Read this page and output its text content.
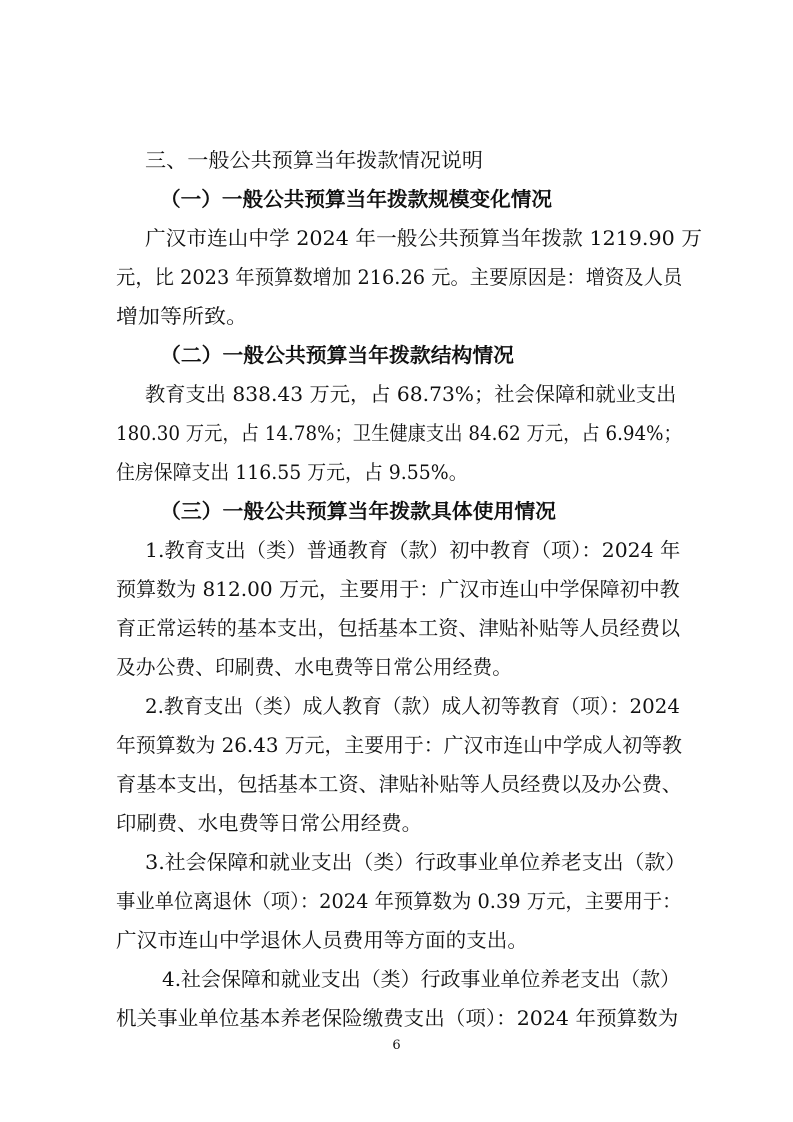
三、一般公共预算当年拨款情况说明
（一）一般公共预算当年拨款规模变化情况
广汉市连山中学 2024 年一般公共预算当年拨款 1219.90 万
元，比 2023 年预算数增加 216.26 元。主要原因是：增资及人员
增加等所致。
（二）一般公共预算当年拨款结构情况
教育支出 838.43 万元，占 68.73%；社会保障和就业支出
180.30 万元，占 14.78%；卫生健康支出 84.62 万元，占 6.94%；
住房保障支出 116.55 万元，占 9.55%。
（三）一般公共预算当年拨款具体使用情况
1.教育支出（类）普通教育（款）初中教育（项）：2024 年
预算数为 812.00 万元，主要用于：广汉市连山中学保障初中教
育正常运转的基本支出，包括基本工资、津贴补贴等人员经费以
及办公费、印刷费、水电费等日常公用经费。
2.教育支出（类）成人教育（款）成人初等教育（项）：2024
年预算数为 26.43 万元，主要用于：广汉市连山中学成人初等教
育基本支出，包括基本工资、津贴补贴等人员经费以及办公费、
印刷费、水电费等日常公用经费。
3.社会保障和就业支出（类）行政事业单位养老支出（款）
事业单位离退休（项）：2024 年预算数为 0.39 万元，主要用于：
广汉市连山中学退休人员费用等方面的支出。
4.社会保障和就业支出（类）行政事业单位养老支出（款）
机关事业单位基本养老保险缴费支出（项）：2024 年预算数为
6
